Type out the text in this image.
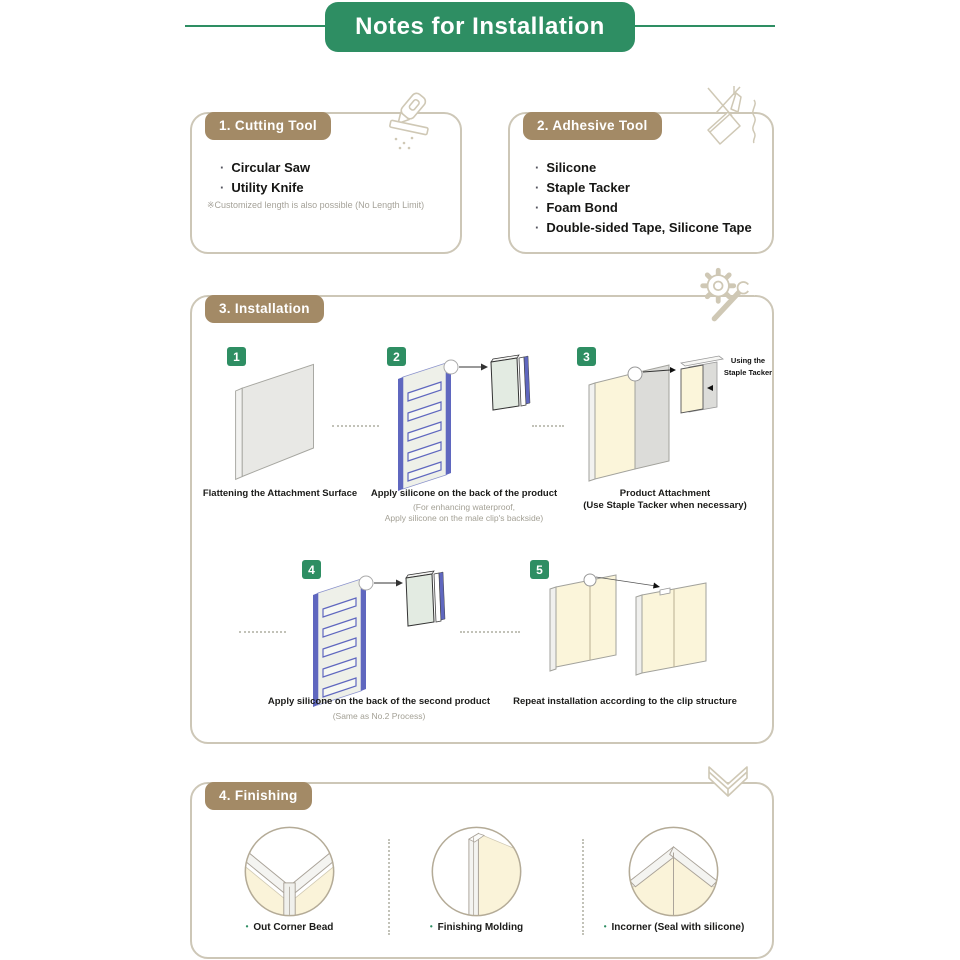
Notes for Installation
1. Cutting Tool
· Circular Saw
· Utility Knife
※Customized length is also possible (No Length Limit)
2. Adhesive Tool
· Silicone
· Staple Tacker
· Foam Bond
· Double-sided Tape, Silicone Tape
3. Installation
1
Flattening the Attachment Surface
2
Apply silicone on the back of the product
(For enhancing waterproof,
Apply silicone on the male clip's backside)
3	Using the
Staple Tacker
Product Attachment
(Use Staple Tacker when necessary)
4
Apply silicone on the back of the second product
(Same as No.2 Process)
5
Repeat installation according to the clip structure
4. Finishing
• Out Corner Bead	• Finishing Molding	• Incorner (Seal with silicone)
